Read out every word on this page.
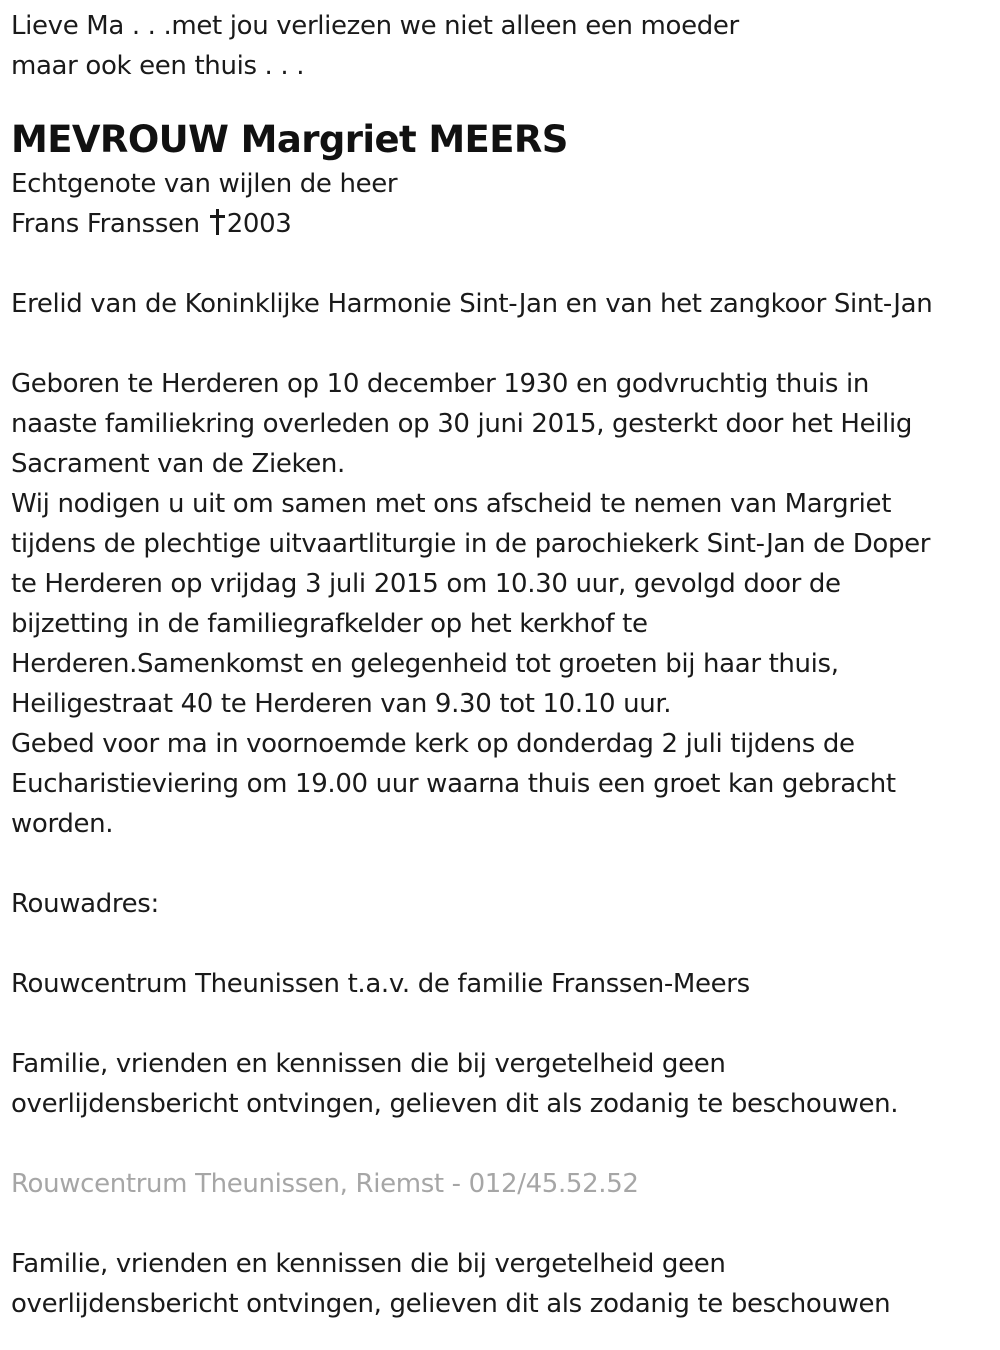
Lieve Ma . . .met jou verliezen we niet alleen een moeder
maar ook een thuis . . .

MEVROUW Margriet MEERS

Echtgenote van wijlen de heer
Frans Franssen 2003

Erelid van de Koninklijke Harmonie Sint-Jan en van het zangkoor Sint-Jan

Geboren te Herderen op 10 december 1930 en godvruchtig thuis in
naaste familiekring overleden op 30 juni 2015, gesterkt door het Heilig
Sacrament van de Zieken.
Wij nodigen u uit om samen met ons afscheid te nemen van Margriet
tijdens de plechtige uitvaartliturgie in de parochiekerk Sint-Jan de Doper
te Herderen op vrijdag 3 juli 2015 om 10.30 uur, gevolgd door de
bijzetting in de familiegrafkelder op het kerkhof te
Herderen.Samenkomst en gelegenheid tot groeten bij haar thuis,
Heiligestraat 40 te Herderen van 9.30 tot 10.10 uur.
Gebed voor ma in voornoemde kerk op donderdag 2 juli tijdens de
Eucharistieviering om 19.00 uur waarna thuis een groet kan gebracht
worden.

Rouwadres:

Rouwcentrum Theunissen t.a.v. de familie Franssen-Meers

Familie, vrienden en kennissen die bij vergetelheid geen
overlijdensbericht ontvingen, gelieven dit als zodanig te beschouwen.

Rouwcentrum Theunissen, Riemst - 012/45.52.52

Familie, vrienden en kennissen die bij vergetelheid geen
overlijdensbericht ontvingen, gelieven dit als zodanig te beschouwen
